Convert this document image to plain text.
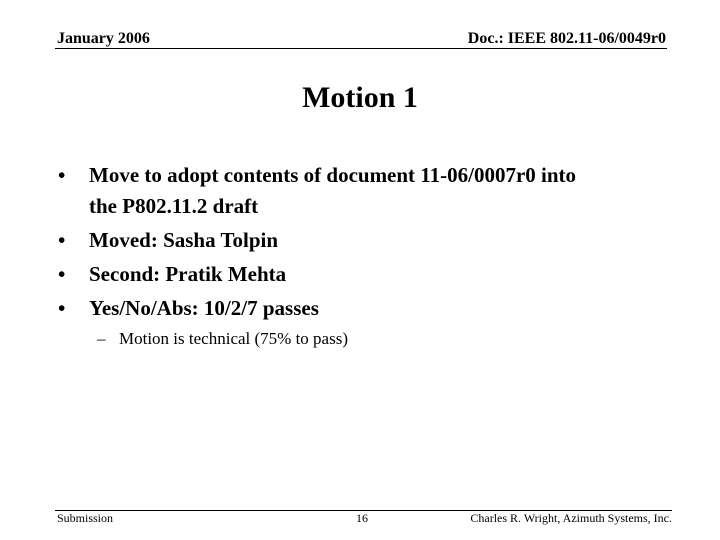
January 2006	Doc.: IEEE 802.11-06/0049r0
Motion 1
• Move to adopt contents of document 11-06/0007r0 into
the P802.11.2 draft
• Moved: Sasha Tolpin
• Second: Pratik Mehta
• Yes/No/Abs: 10/2/7 passes
– Motion is technical (75% to pass)
Submission	16	Charles R. Wright, Azimuth Systems, Inc.
